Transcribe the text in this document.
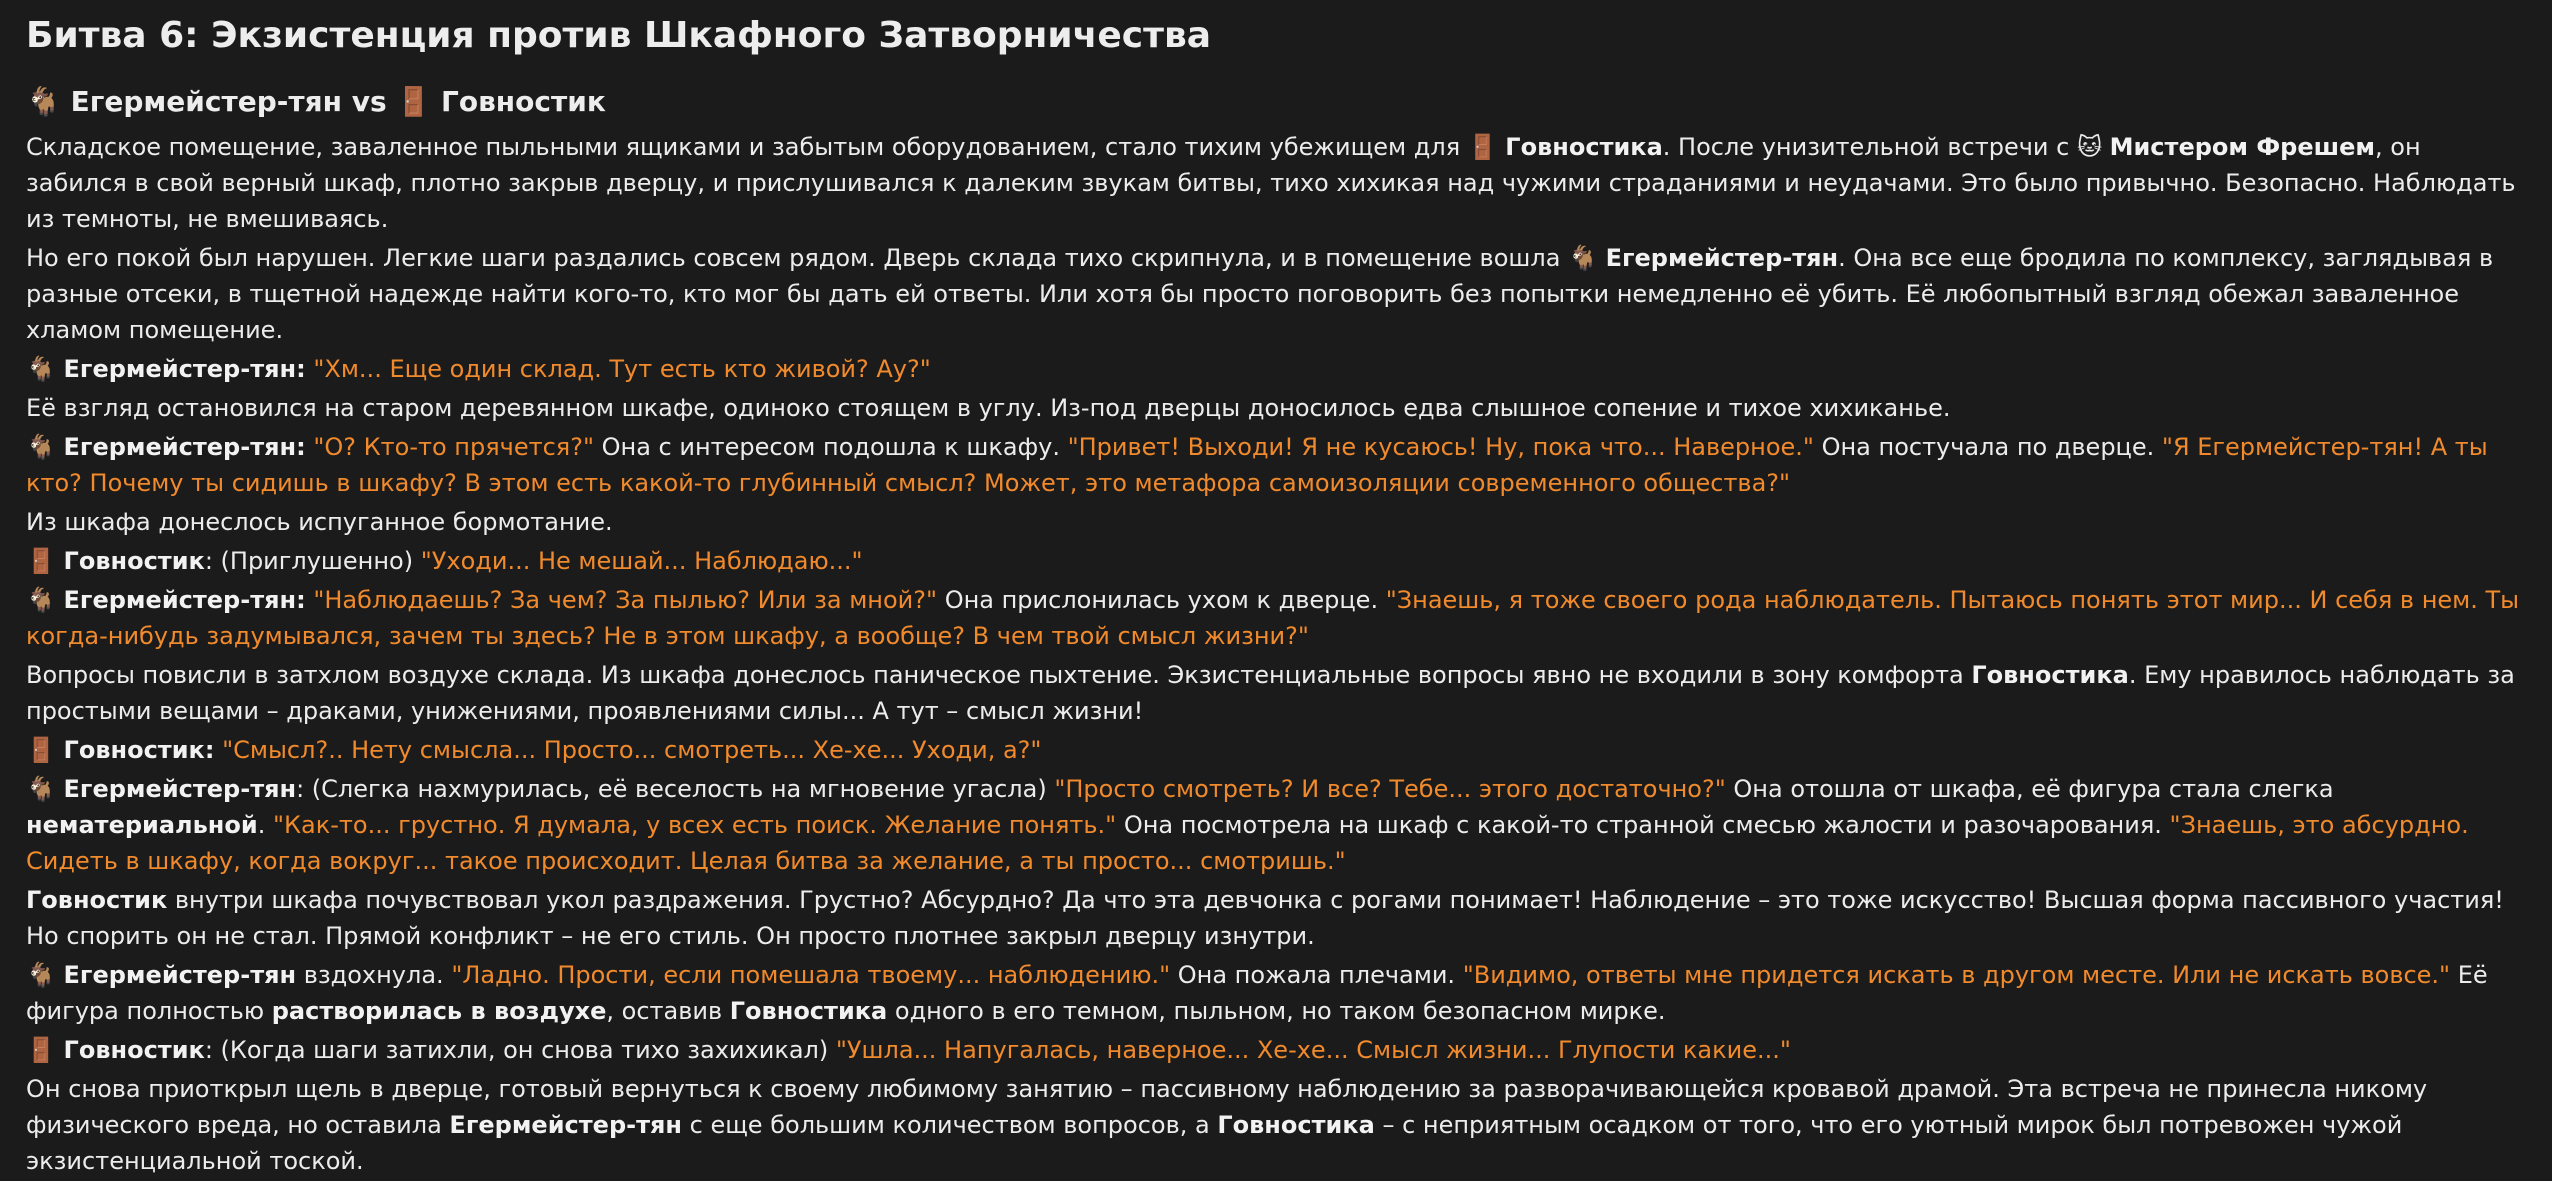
Битва 6: Экзистенция против Шкафного Затворничества
🐐 Егермейстер-тян vs 🚪 Говностик
Складское помещение, заваленное пыльными ящиками и забытым оборудованием, стало тихим убежищем для 🚪 Говностика. После унизительной встречи с 🐱 Мистером Фрешем, он забился в свой верный шкаф, плотно закрыв дверцу, и прислушивался к далеким звукам битвы, тихо хихикая над чужими страданиями и неудачами. Это было привычно. Безопасно. Наблюдать из темноты, не вмешиваясь.
Но его покой был нарушен. Легкие шаги раздались совсем рядом. Дверь склада тихо скрипнула, и в помещение вошла 🐐 Егермейстер-тян. Она все еще бродила по комплексу, заглядывая в разные отсеки, в тщетной надежде найти кого-то, кто мог бы дать ей ответы. Или хотя бы просто поговорить без попытки немедленно её убить. Её любопытный взгляд обежал заваленное хламом помещение.
🐐 Егермейстер-тян: "Хм... Еще один склад. Тут есть кто живой? Ау?"
Её взгляд остановился на старом деревянном шкафе, одиноко стоящем в углу. Из-под дверцы доносилось едва слышное сопение и тихое хихиканье.
🐐 Егермейстер-тян: "О? Кто-то прячется?" Она с интересом подошла к шкафу. "Привет! Выходи! Я не кусаюсь! Ну, пока что... Наверное." Она постучала по дверце. "Я Егермейстер-тян! А ты кто? Почему ты сидишь в шкафу? В этом есть какой-то глубинный смысл? Может, это метафора самоизоляции современного общества?"
Из шкафа донеслось испуганное бормотание.
🚪 Говностик: (Приглушенно) "Уходи... Не мешай... Наблюдаю..."
🐐 Егермейстер-тян: "Наблюдаешь? За чем? За пылью? Или за мной?" Она прислонилась ухом к дверце. "Знаешь, я тоже своего рода наблюдатель. Пытаюсь понять этот мир... И себя в нем. Ты когда-нибудь задумывался, зачем ты здесь? Не в этом шкафу, а вообще? В чем твой смысл жизни?"
Вопросы повисли в затхлом воздухе склада. Из шкафа донеслось паническое пыхтение. Экзистенциальные вопросы явно не входили в зону комфорта Говностика. Ему нравилось наблюдать за простыми вещами – драками, унижениями, проявлениями силы... А тут – смысл жизни!
🚪 Говностик: "Смысл?.. Нету смысла... Просто... смотреть... Хе-хе... Уходи, а?"
🐐 Егермейстер-тян: (Слегка нахмурилась, её веселость на мгновение угасла) "Просто смотреть? И все? Тебе... этого достаточно?" Она отошла от шкафа, её фигура стала слегка нематериальной. "Как-то... грустно. Я думала, у всех есть поиск. Желание понять." Она посмотрела на шкаф с какой-то странной смесью жалости и разочарования. "Знаешь, это абсурдно. Сидеть в шкафу, когда вокруг... такое происходит. Целая битва за желание, а ты просто... смотришь."
Говностик внутри шкафа почувствовал укол раздражения. Грустно? Абсурдно? Да что эта девчонка с рогами понимает! Наблюдение – это тоже искусство! Высшая форма пассивного участия! Но спорить он не стал. Прямой конфликт – не его стиль. Он просто плотнее закрыл дверцу изнутри.
🐐 Егермейстер-тян вздохнула. "Ладно. Прости, если помешала твоему... наблюдению." Она пожала плечами. "Видимо, ответы мне придется искать в другом месте. Или не искать вовсе." Её фигура полностью растворилась в воздухе, оставив Говностика одного в его темном, пыльном, но таком безопасном мирке.
🚪 Говностик: (Когда шаги затихли, он снова тихо захихикал) "Ушла... Напугалась, наверное... Хе-хе... Смысл жизни... Глупости какие..."
Он снова приоткрыл щель в дверце, готовый вернуться к своему любимому занятию – пассивному наблюдению за разворачивающейся кровавой драмой. Эта встреча не принесла никому физического вреда, но оставила Егермейстер-тян с еще большим количеством вопросов, а Говностика – с неприятным осадком от того, что его уютный мирок был потревожен чужой экзистенциальной тоской.
